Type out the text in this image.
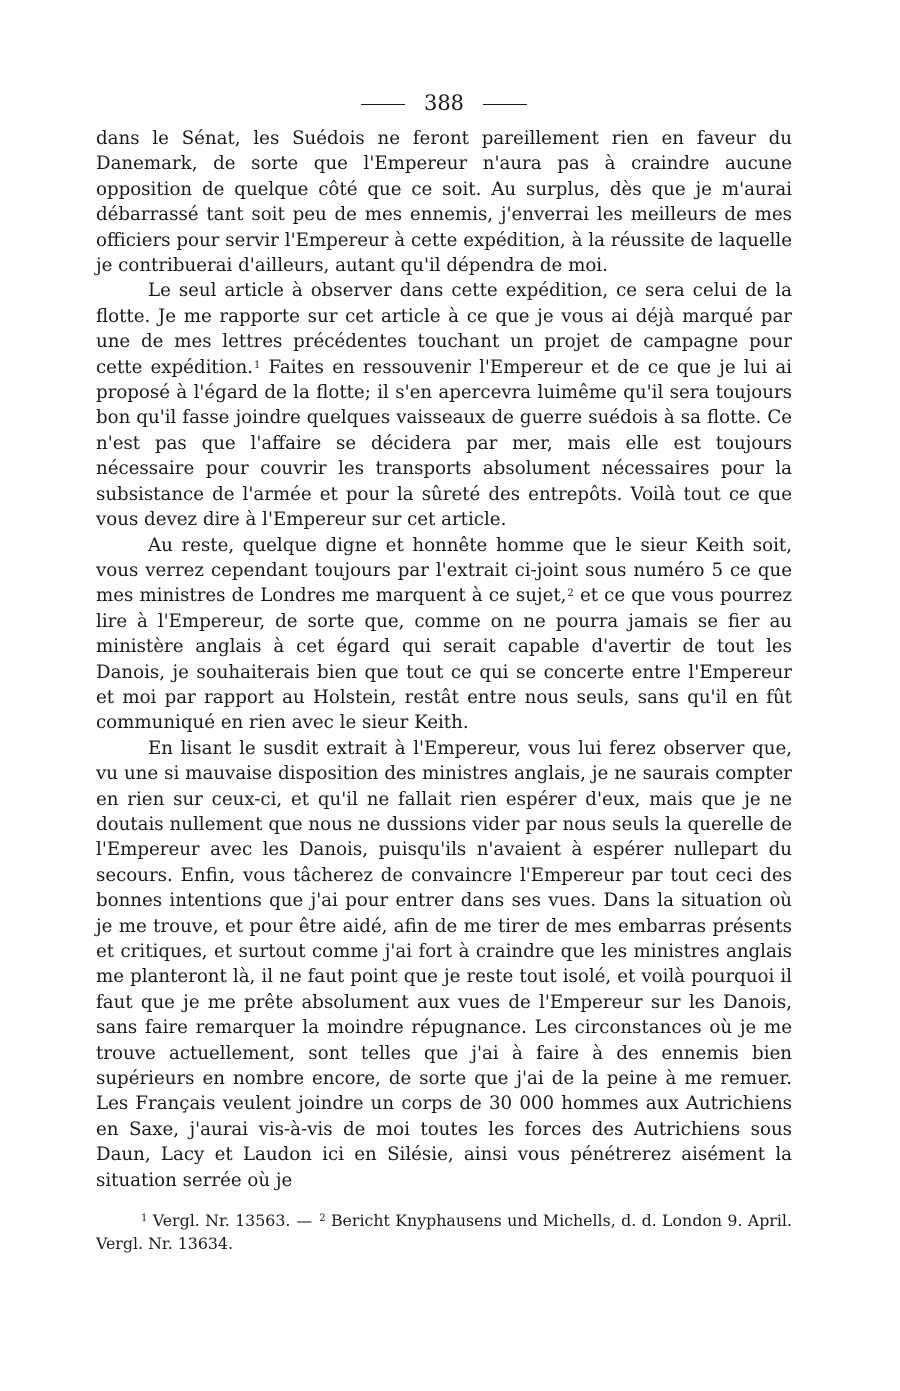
388

dans le Sénat, les Suédois ne feront pareillement rien en faveur du Danemark, de sorte que l'Empereur n'aura pas à craindre aucune opposition de quelque côté que ce soit. Au surplus, dès que je m'aurai débarrassé tant soit peu de mes ennemis, j'enverrai les meilleurs de mes officiers pour servir l'Empereur à cette expédition, à la réussite de laquelle je contribuerai d'ailleurs, autant qu'il dépendra de moi.

Le seul article à observer dans cette expédition, ce sera celui de la flotte. Je me rapporte sur cet article à ce que je vous ai déjà marqué par une de mes lettres précédentes touchant un projet de campagne pour cette expédition.$^1$ Faites en ressouvenir l'Empereur et de ce que je lui ai proposé à l'égard de la flotte; il s'en apercevra luimême qu'il sera toujours bon qu'il fasse joindre quelques vaisseaux de guerre suédois à sa flotte. Ce n'est pas que l'affaire se décidera par mer, mais elle est toujours nécessaire pour couvrir les transports absolument nécessaires pour la subsistance de l'armée et pour la sûreté des entrepôts. Voilà tout ce que vous devez dire à l'Empereur sur cet article.

Au reste, quelque digne et honnête homme que le sieur Keith soit, vous verrez cependant toujours par l'extrait ci-joint sous numéro 5 ce que mes ministres de Londres me marquent à ce sujet,$^2$ et ce que vous pourrez lire à l'Empereur, de sorte que, comme on ne pourra jamais se fier au ministère anglais à cet égard qui serait capable d'avertir de tout les Danois, je souhaiterais bien que tout ce qui se concerte entre l'Empereur et moi par rapport au Holstein, restât entre nous seuls, sans qu'il en fût communiqué en rien avec le sieur Keith.

En lisant le susdit extrait à l'Empereur, vous lui ferez observer que, vu une si mauvaise disposition des ministres anglais, je ne saurais compter en rien sur ceux-ci, et qu'il ne fallait rien espérer d'eux, mais que je ne doutais nullement que nous ne dussions vider par nous seuls la querelle de l'Empereur avec les Danois, puisqu'ils n'avaient à espérer nullepart du secours. Enfin, vous tâcherez de convaincre l'Empereur par tout ceci des bonnes intentions que j'ai pour entrer dans ses vues. Dans la situation où je me trouve, et pour être aidé, afin de me tirer de mes embarras présents et critiques, et surtout comme j'ai fort à craindre que les ministres anglais me planteront là, il ne faut point que je reste tout isolé, et voilà pourquoi il faut que je me prête absolument aux vues de l'Empereur sur les Danois, sans faire remarquer la moindre répugnance. Les circonstances où je me trouve actuellement, sont telles que j'ai à faire à des ennemis bien supérieurs en nombre encore, de sorte que j'ai de la peine à me remuer. Les Français veulent joindre un corps de 30 000 hommes aux Autrichiens en Saxe, j'aurai vis-à-vis de moi toutes les forces des Autrichiens sous Daun, Lacy et Laudon ici en Silésie, ainsi vous pénétrerez aisément la situation serrée où je

$^1$ Vergl. Nr. 13563. — $^2$ Bericht Knyphausens und Michells, d. d. London 9. April. Vergl. Nr. 13634.
